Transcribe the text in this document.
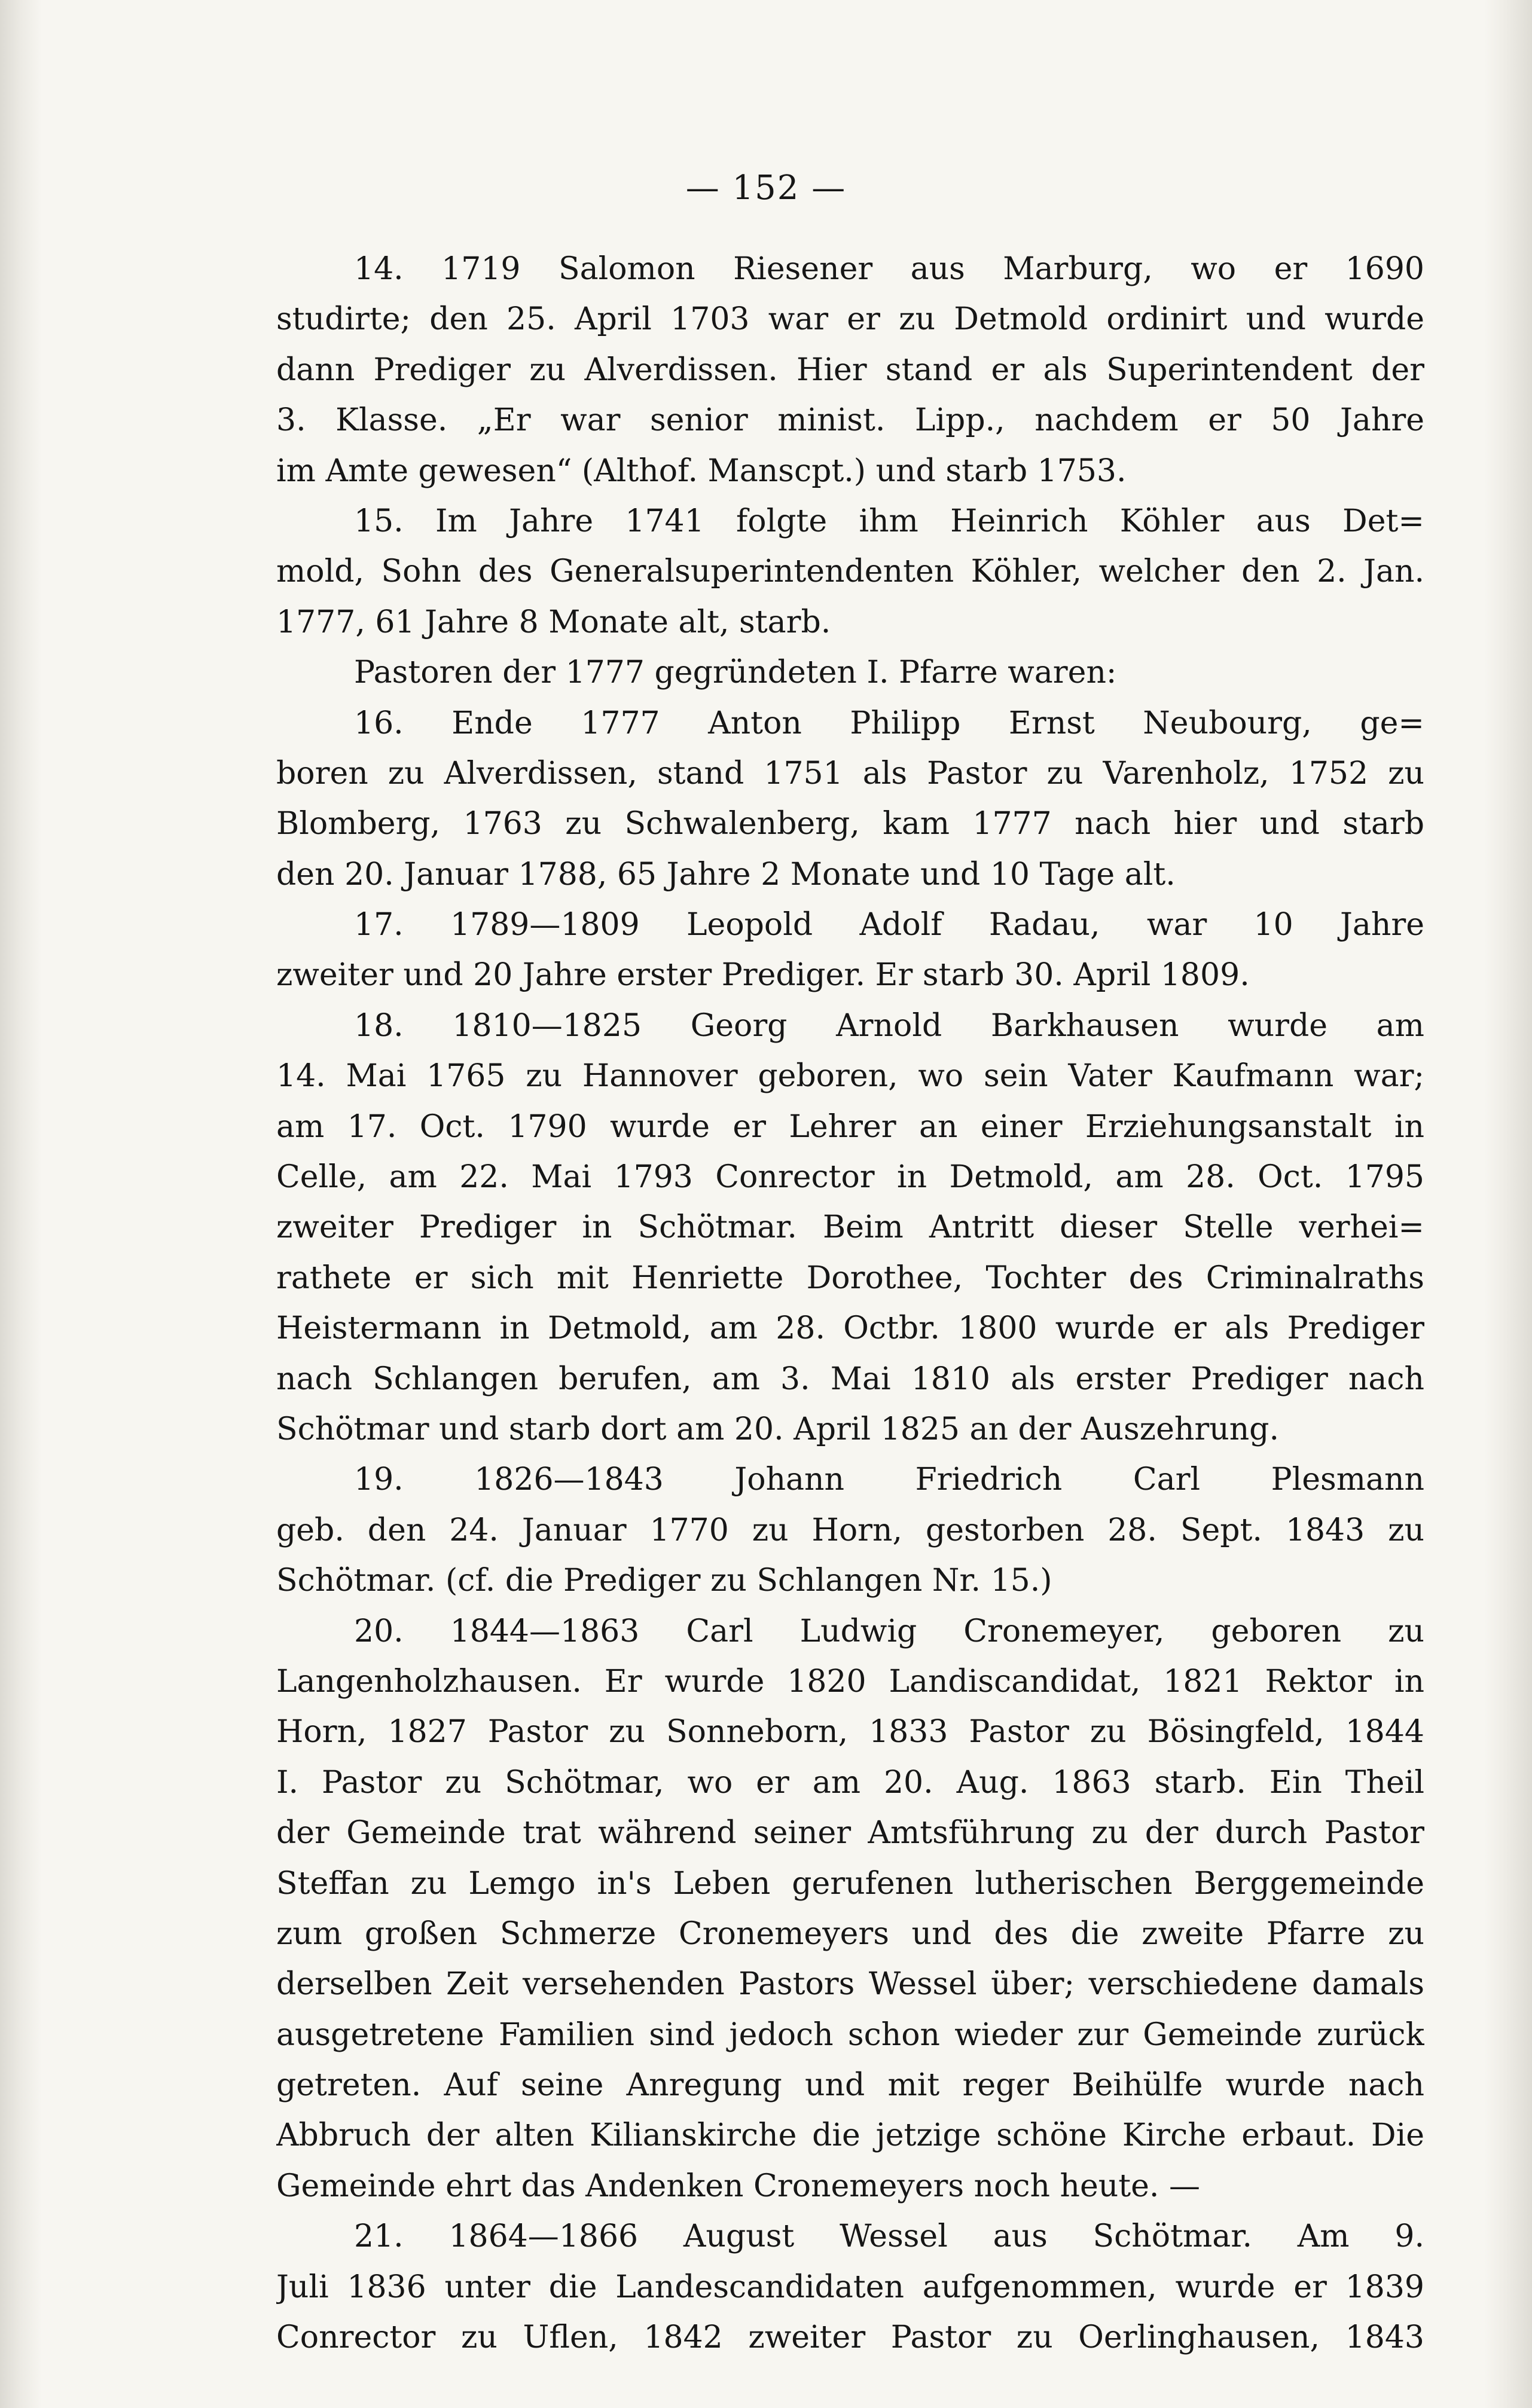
— 152 —
14. 1719 Salomon Riesener aus Marburg, wo er 1690
studirte; den 25. April 1703 war er zu Detmold ordinirt und wurde
dann Prediger zu Alverdissen. Hier stand er als Superintendent der
3. Klasse. „Er war senior minist. Lipp., nachdem er 50 Jahre
im Amte gewesen“ (Althof. Manscpt.) und starb 1753.
15. Im Jahre 1741 folgte ihm Heinrich Köhler aus Det=
mold, Sohn des Generalsuperintendenten Köhler, welcher den 2. Jan.
1777, 61 Jahre 8 Monate alt, starb.
Pastoren der 1777 gegründeten I. Pfarre waren:
16. Ende 1777 Anton Philipp Ernst Neubourg, ge=
boren zu Alverdissen, stand 1751 als Pastor zu Varenholz, 1752 zu
Blomberg, 1763 zu Schwalenberg, kam 1777 nach hier und starb
den 20. Januar 1788, 65 Jahre 2 Monate und 10 Tage alt.
17. 1789—1809 Leopold Adolf Radau, war 10 Jahre
zweiter und 20 Jahre erster Prediger. Er starb 30. April 1809.
18. 1810—1825 Georg Arnold Barkhausen wurde am
14. Mai 1765 zu Hannover geboren, wo sein Vater Kaufmann war;
am 17. Oct. 1790 wurde er Lehrer an einer Erziehungsanstalt in
Celle, am 22. Mai 1793 Conrector in Detmold, am 28. Oct. 1795
zweiter Prediger in Schötmar. Beim Antritt dieser Stelle verhei=
rathete er sich mit Henriette Dorothee, Tochter des Criminalraths
Heistermann in Detmold, am 28. Octbr. 1800 wurde er als Prediger
nach Schlangen berufen, am 3. Mai 1810 als erster Prediger nach
Schötmar und starb dort am 20. April 1825 an der Auszehrung.
19. 1826—1843 Johann Friedrich Carl Plesmann
geb. den 24. Januar 1770 zu Horn, gestorben 28. Sept. 1843 zu
Schötmar. (cf. die Prediger zu Schlangen Nr. 15.)
20. 1844—1863 Carl Ludwig Cronemeyer, geboren zu
Langenholzhausen. Er wurde 1820 Landiscandidat, 1821 Rektor in
Horn, 1827 Pastor zu Sonneborn, 1833 Pastor zu Bösingfeld, 1844
I. Pastor zu Schötmar, wo er am 20. Aug. 1863 starb. Ein Theil
der Gemeinde trat während seiner Amtsführung zu der durch Pastor
Steffan zu Lemgo in's Leben gerufenen lutherischen Berggemeinde
zum großen Schmerze Cronemeyers und des die zweite Pfarre zu
derselben Zeit versehenden Pastors Wessel über; verschiedene damals
ausgetretene Familien sind jedoch schon wieder zur Gemeinde zurück
getreten. Auf seine Anregung und mit reger Beihülfe wurde nach
Abbruch der alten Kilianskirche die jetzige schöne Kirche erbaut. Die
Gemeinde ehrt das Andenken Cronemeyers noch heute. —
21. 1864—1866 August Wessel aus Schötmar. Am 9.
Juli 1836 unter die Landescandidaten aufgenommen, wurde er 1839
Conrector zu Uflen, 1842 zweiter Pastor zu Oerlinghausen, 1843
